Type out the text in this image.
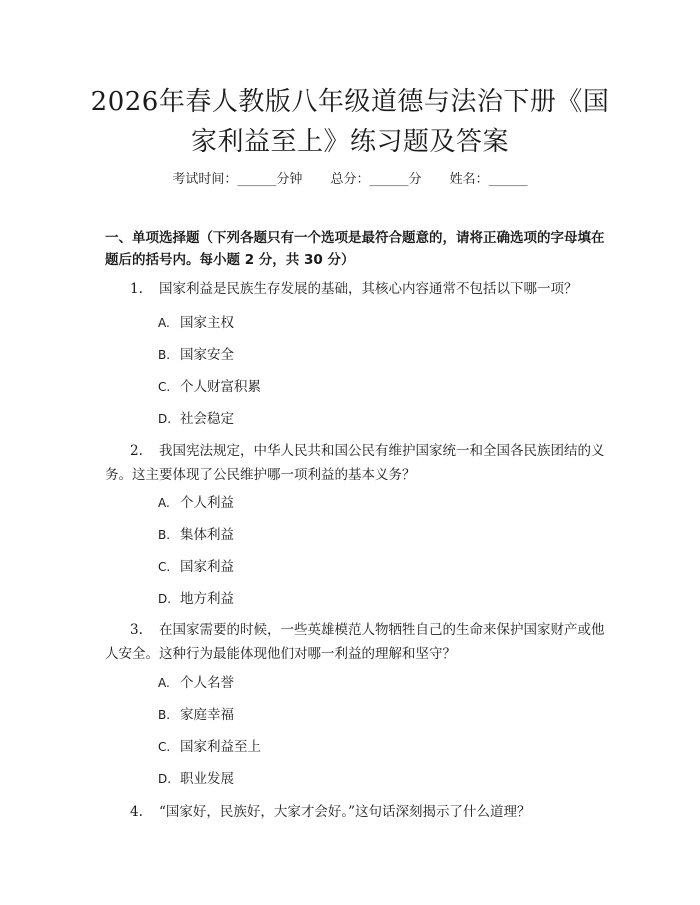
2026年春人教版八年级道德与法治下册《国
家利益至上》练习题及答案
考试时间：______分钟 总分：______分 姓名：______
一、单项选择题（下列各题只有一个选项是最符合题意的，请将正确选项的字母填在题后的括号内。每小题 2 分，共 30 分）
1. 国家利益是民族生存发展的基础，其核心内容通常不包括以下哪一项？
A. 国家主权
B. 国家安全
C. 个人财富积累
D. 社会稳定
2. 我国宪法规定，中华人民共和国公民有维护国家统一和全国各民族团结的义务。这主要体现了公民维护哪一项利益的基本义务？
A. 个人利益
B. 集体利益
C. 国家利益
D. 地方利益
3. 在国家需要的时候，一些英雄模范人物牺牲自己的生命来保护国家财产或他人安全。这种行为最能体现他们对哪一利益的理解和坚守？
A. 个人名誉
B. 家庭幸福
C. 国家利益至上
D. 职业发展
4. “国家好，民族好，大家才会好。”这句话深刻揭示了什么道理？
